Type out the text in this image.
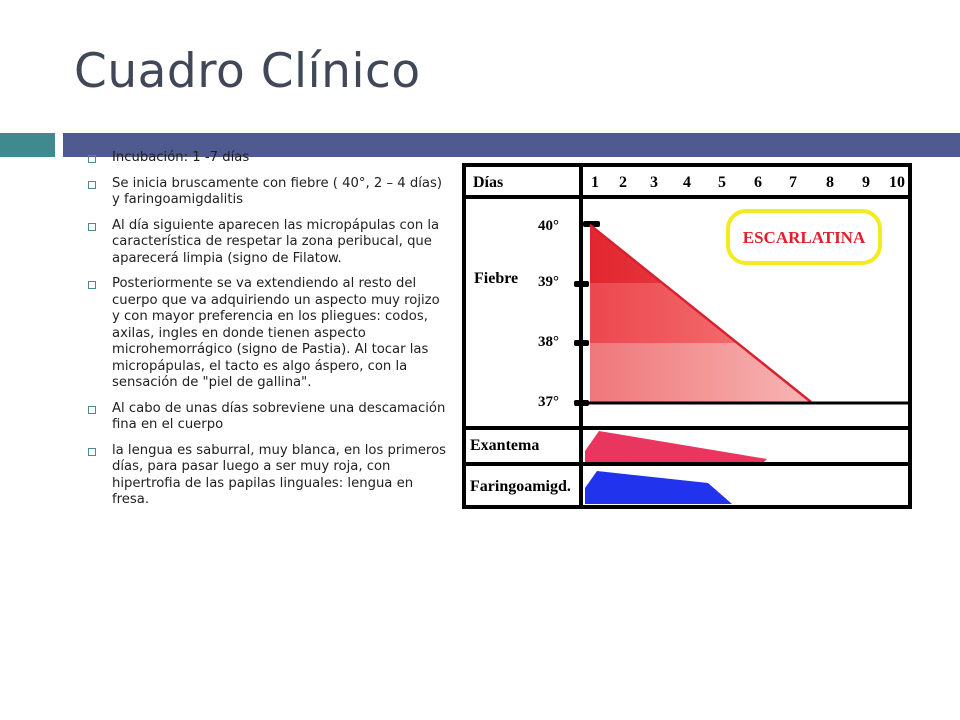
Cuadro Clínico
Incubación: 1 -7 días
Se inicia bruscamente con fiebre ( 40°, 2 – 4 días) y faringoamigdalitis
Al día siguiente aparecen las micropápulas con la característica de respetar la zona peribucal, que aparecerá limpia (signo de Filatow.
Posteriormente se va extendiendo al resto del cuerpo que va adquiriendo un aspecto muy rojizo y con mayor preferencia en los pliegues: codos, axilas, ingles en donde tienen aspecto microhemorrágico (signo de Pastia). Al tocar las micropápulas, el tacto es algo áspero, con la sensación de "piel de gallina".
Al cabo de unas días sobreviene una descamación fina en el cuerpo
la lengua es saburral, muy blanca, en los primeros días, para pasar luego a ser muy roja, con hipertrofia de las papilas linguales: lengua en fresa.
Días	1 2 3 4 5 6 7 8 9 10
Fiebre
Exantema
Faringoamigd.
40°
39°
38°
37°
ESCARLATINA
